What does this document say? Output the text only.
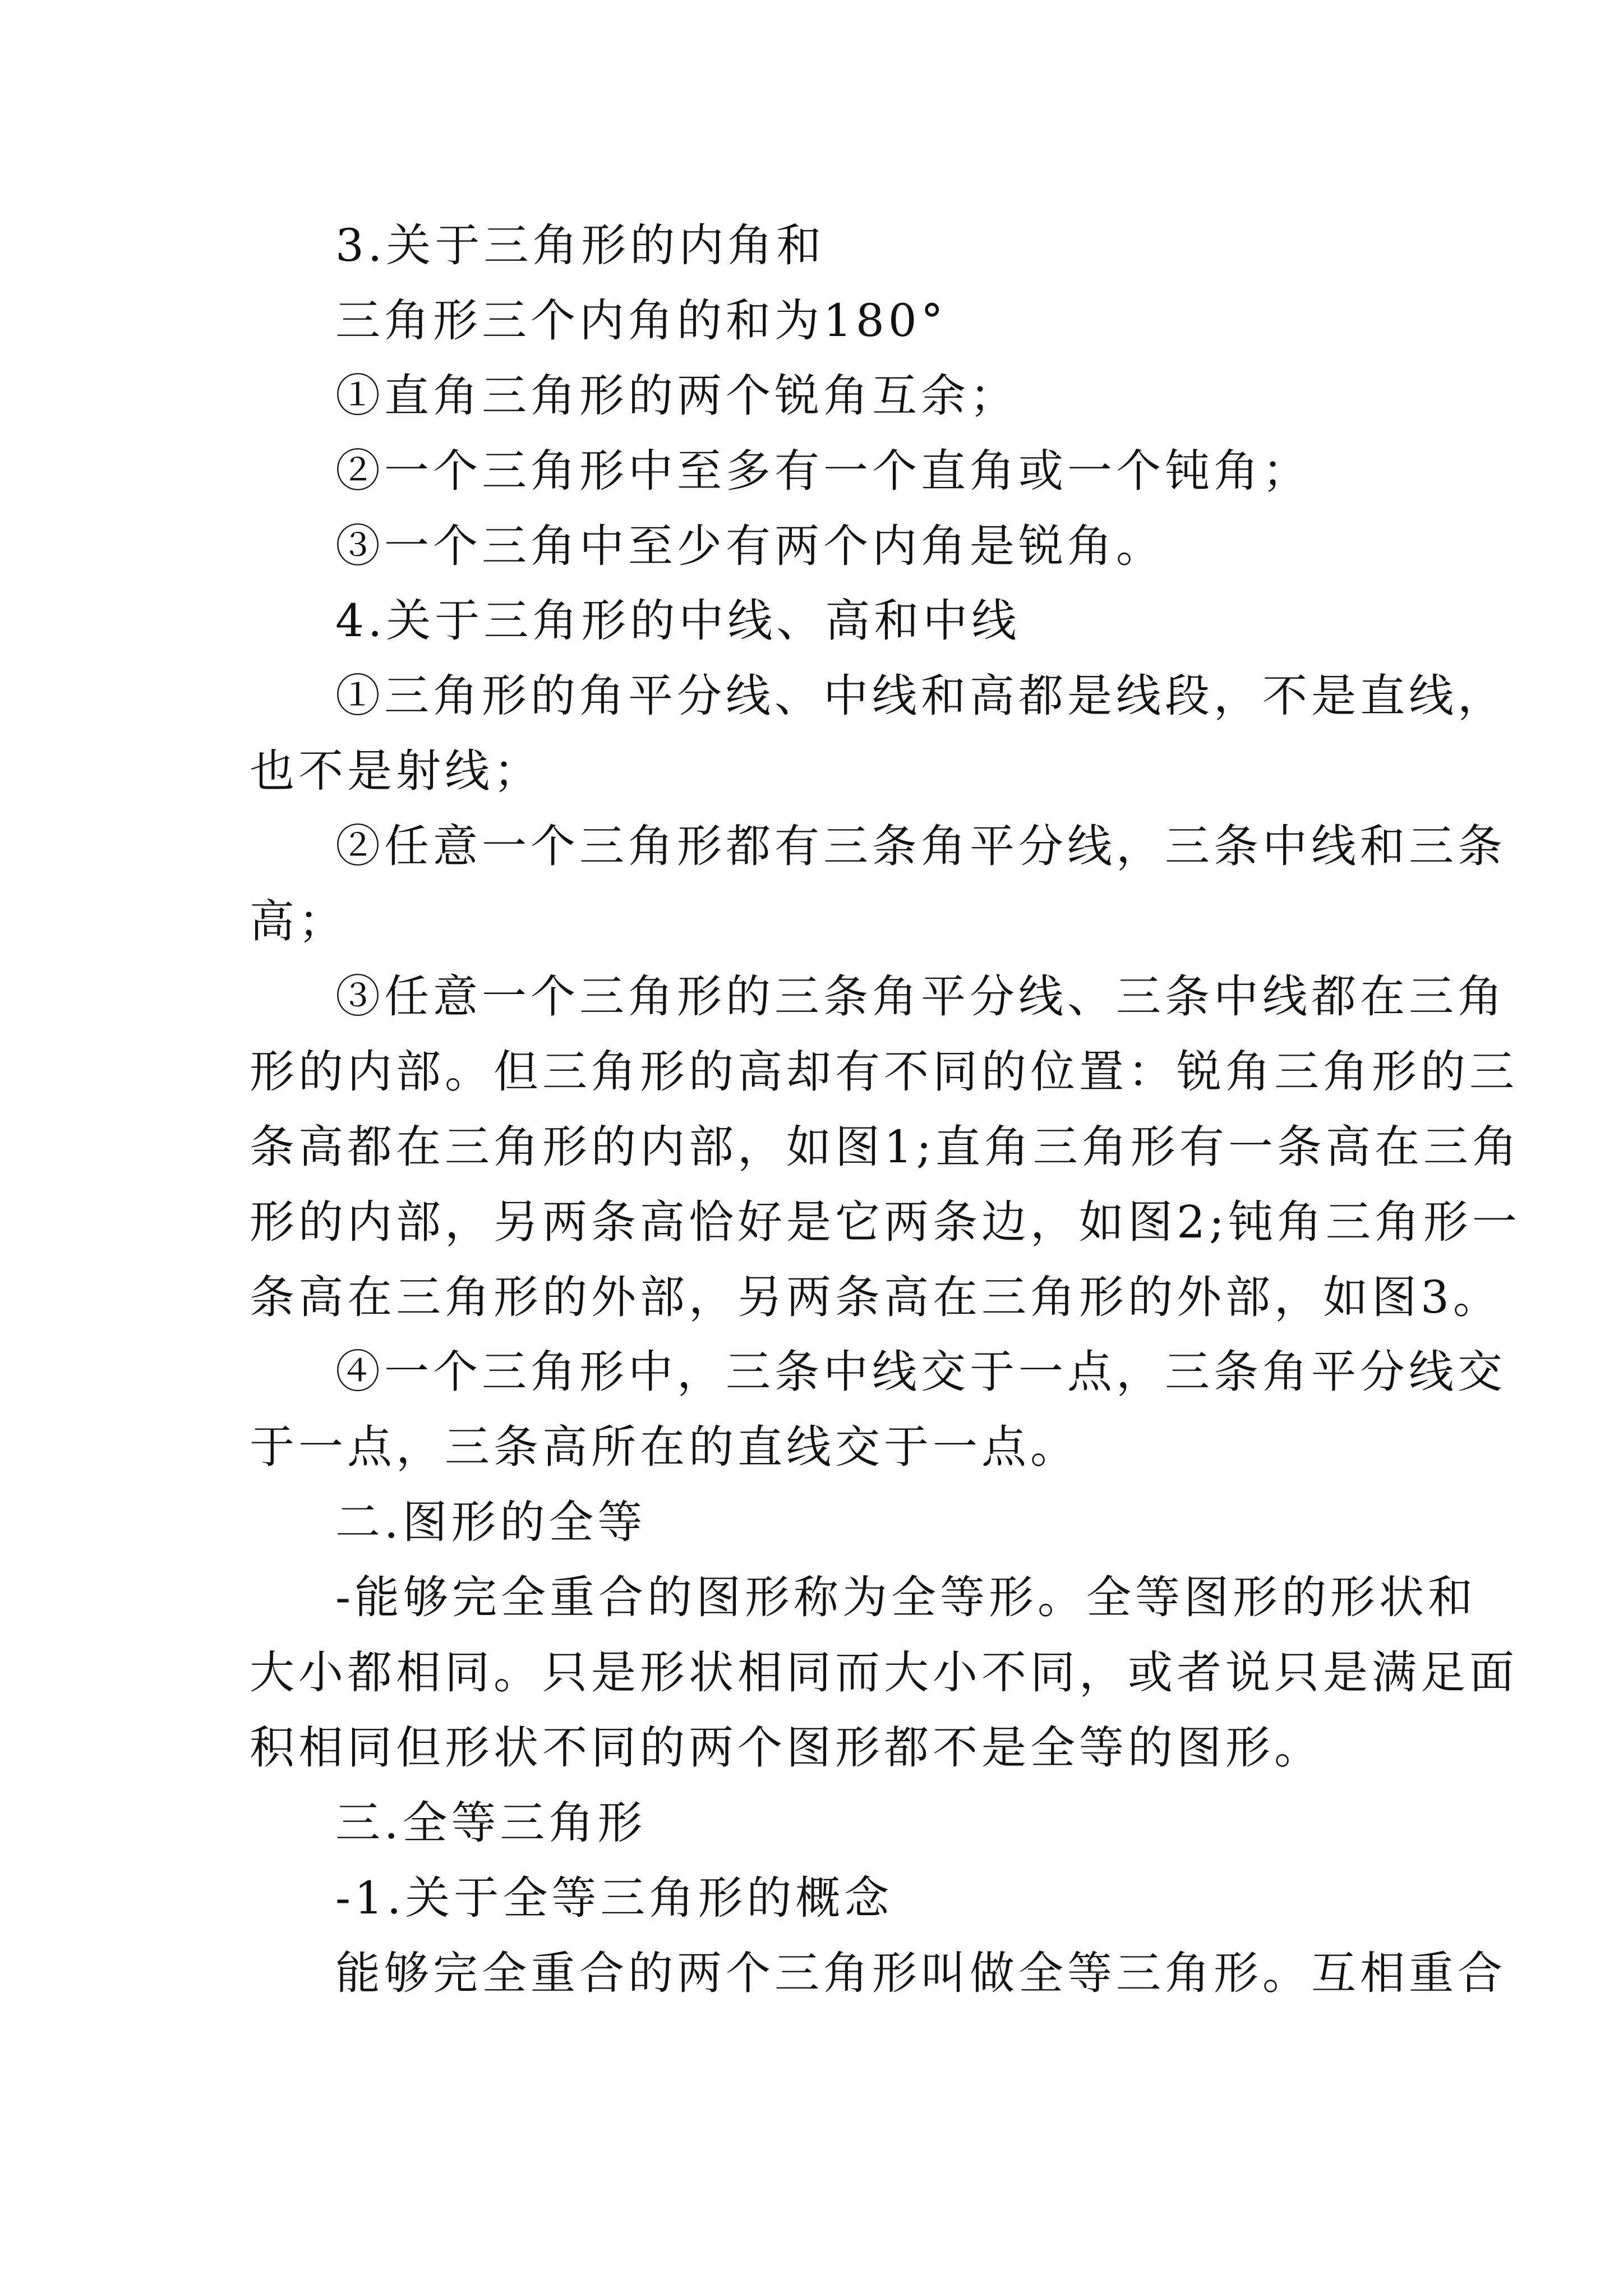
3.关于三角形的内角和
三角形三个内角的和为180°
①直角三角形的两个锐角互余；
②一个三角形中至多有一个直角或一个钝角；
③一个三角中至少有两个内角是锐角。
4.关于三角形的中线、高和中线
①三角形的角平分线、中线和高都是线段，不是直线，
也不是射线；
②任意一个三角形都有三条角平分线，三条中线和三条
高；
③任意一个三角形的三条角平分线、三条中线都在三角
形的内部。但三角形的高却有不同的位置：锐角三角形的三
条高都在三角形的内部，如图1;直角三角形有一条高在三角
形的内部，另两条高恰好是它两条边，如图2;钝角三角形一
条高在三角形的外部，另两条高在三角形的外部，如图3。
④一个三角形中，三条中线交于一点，三条角平分线交
于一点，三条高所在的直线交于一点。
二.图形的全等
-能够完全重合的图形称为全等形。全等图形的形状和
大小都相同。只是形状相同而大小不同，或者说只是满足面
积相同但形状不同的两个图形都不是全等的图形。
三.全等三角形
-1.关于全等三角形的概念
能够完全重合的两个三角形叫做全等三角形。互相重合
